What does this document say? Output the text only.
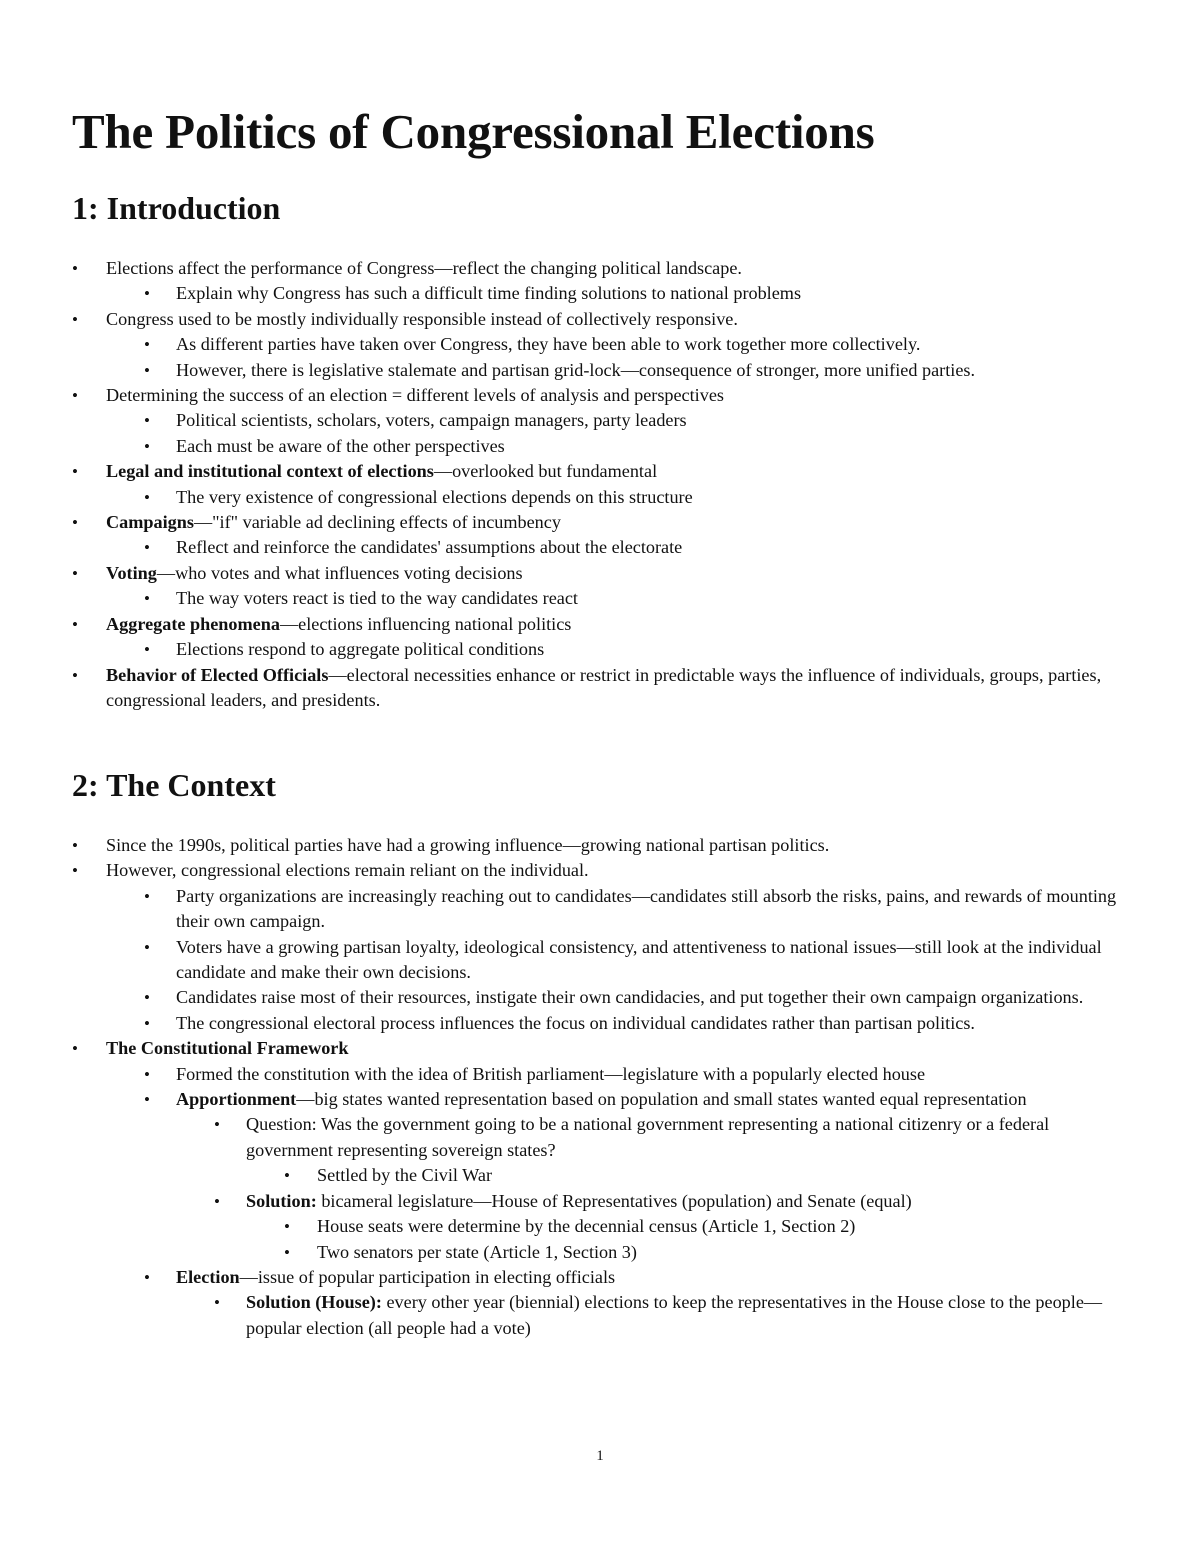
The Politics of Congressional Elections
1: Introduction
• Elections affect the performance of Congress—reflect the changing political landscape.
• Explain why Congress has such a difficult time finding solutions to national problems
• Congress used to be mostly individually responsible instead of collectively responsive.
• As different parties have taken over Congress, they have been able to work together more collectively.
• However, there is legislative stalemate and partisan grid-lock—consequence of stronger, more unified parties.
• Determining the success of an election = different levels of analysis and perspectives
• Political scientists, scholars, voters, campaign managers, party leaders
• Each must be aware of the other perspectives
• Legal and institutional context of elections—overlooked but fundamental
• The very existence of congressional elections depends on this structure
• Campaigns—"if" variable ad declining effects of incumbency
• Reflect and reinforce the candidates' assumptions about the electorate
• Voting—who votes and what influences voting decisions
• The way voters react is tied to the way candidates react
• Aggregate phenomena—elections influencing national politics
• Elections respond to aggregate political conditions
• Behavior of Elected Officials—electoral necessities enhance or restrict in predictable ways the influence of individuals, groups, parties, congressional leaders, and presidents.
2: The Context
• Since the 1990s, political parties have had a growing influence—growing national partisan politics.
• However, congressional elections remain reliant on the individual.
• Party organizations are increasingly reaching out to candidates—candidates still absorb the risks, pains, and rewards of mounting their own campaign.
• Voters have a growing partisan loyalty, ideological consistency, and attentiveness to national issues—still look at the individual candidate and make their own decisions.
• Candidates raise most of their resources, instigate their own candidacies, and put together their own campaign organizations.
• The congressional electoral process influences the focus on individual candidates rather than partisan politics.
• The Constitutional Framework
• Formed the constitution with the idea of British parliament—legislature with a popularly elected house
• Apportionment—big states wanted representation based on population and small states wanted equal representation
• Question: Was the government going to be a national government representing a national citizenry or a federal government representing sovereign states?
• Settled by the Civil War
• Solution: bicameral legislature—House of Representatives (population) and Senate (equal)
• House seats were determine by the decennial census (Article 1, Section 2)
• Two senators per state (Article 1, Section 3)
• Election—issue of popular participation in electing officials
• Solution (House): every other year (biennial) elections to keep the representatives in the House close to the people—popular election (all people had a vote)
1
